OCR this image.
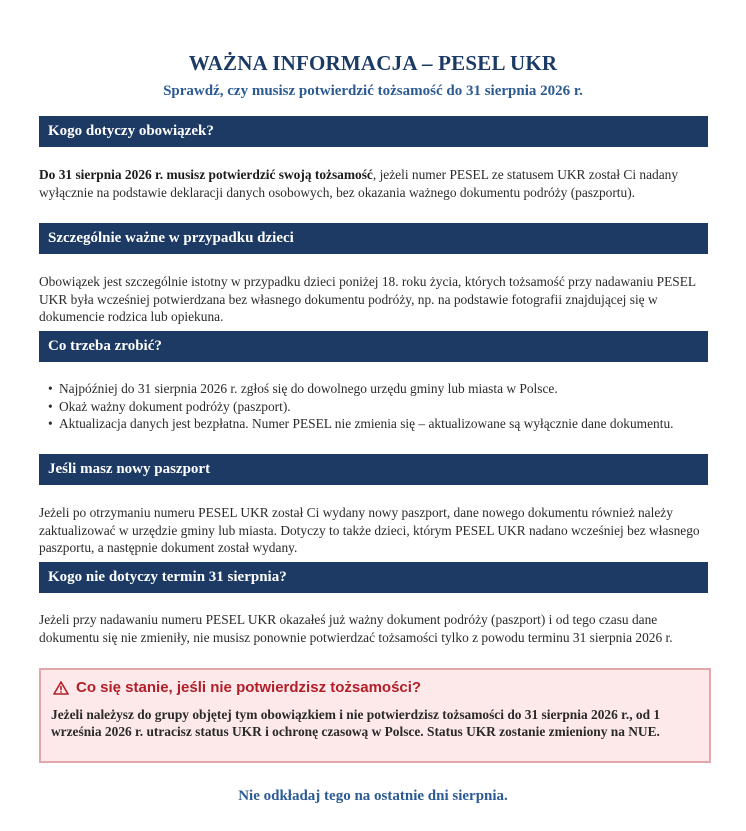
WAŻNA INFORMACJA – PESEL UKR
Sprawdź, czy musisz potwierdzić tożsamość do 31 sierpnia 2026 r.
Kogo dotyczy obowiązek?

Do 31 sierpnia 2026 r. musisz potwierdzić swoją tożsamość, jeżeli numer PESEL ze statusem UKR został Ci nadany wyłącznie na podstawie deklaracji danych osobowych, bez okazania ważnego dokumentu podróży (paszportu).

Szczególnie ważne w przypadku dzieci

Obowiązek jest szczególnie istotny w przypadku dzieci poniżej 18. roku życia, których tożsamość przy nadawaniu PESEL UKR była wcześniej potwierdzana bez własnego dokumentu podróży, np. na podstawie fotografii znajdującej się w dokumencie rodzica lub opiekuna.

Co trzeba zrobić?
• Najpóźniej do 31 sierpnia 2026 r. zgłoś się do dowolnego urzędu gminy lub miasta w Polsce.
• Okaż ważny dokument podróży (paszport).
• Aktualizacja danych jest bezpłatna. Numer PESEL nie zmienia się – aktualizowane są wyłącznie dane dokumentu.
Jeśli masz nowy paszport

Jeżeli po otrzymaniu numeru PESEL UKR został Ci wydany nowy paszport, dane nowego dokumentu również należy zaktualizować w urzędzie gminy lub miasta. Dotyczy to także dzieci, którym PESEL UKR nadano wcześniej bez własnego paszportu, a następnie dokument został wydany.

Kogo nie dotyczy termin 31 sierpnia?

Jeżeli przy nadawaniu numeru PESEL UKR okazałeś już ważny dokument podróży (paszport) i od tego czasu dane dokumentu się nie zmieniły, nie musisz ponownie potwierdzać tożsamości tylko z powodu terminu 31 sierpnia 2026 r.

Co się stanie, jeśli nie potwierdzisz tożsamości?
Jeżeli należysz do grupy objętej tym obowiązkiem i nie potwierdzisz tożsamości do 31 sierpnia 2026 r., od 1 września 2026 r. utracisz status UKR i ochronę czasową w Polsce. Status UKR zostanie zmieniony na NUE.
Nie odkładaj tego na ostatnie dni sierpnia.
